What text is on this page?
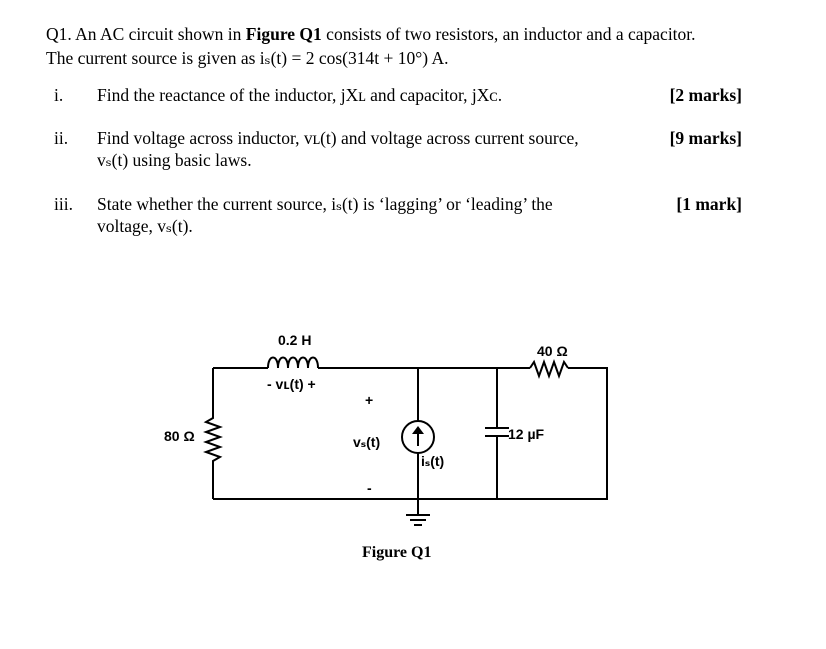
Q1. An AC circuit shown in Figure Q1 consists of two resistors, an inductor and a capacitor.
The current source is given as iₛ(t) = 2 cos(314t + 10°) A.
i. Find the reactance of the inductor, jXʟ and capacitor, jXᴄ.	[2 marks]
ii. Find voltage across inductor, vʟ(t) and voltage across current source,
vₛ(t) using basic laws.
[9 marks]
iii. State whether the current source, iₛ(t) is ‘lagging’ or ‘leading’ the
voltage, vₛ(t).
[1 mark]
0.2 H
- vʟ(t) +
40 Ω
80 Ω	12 µF
vₛ(t)
iₛ(t)
+
-
Figure Q1
